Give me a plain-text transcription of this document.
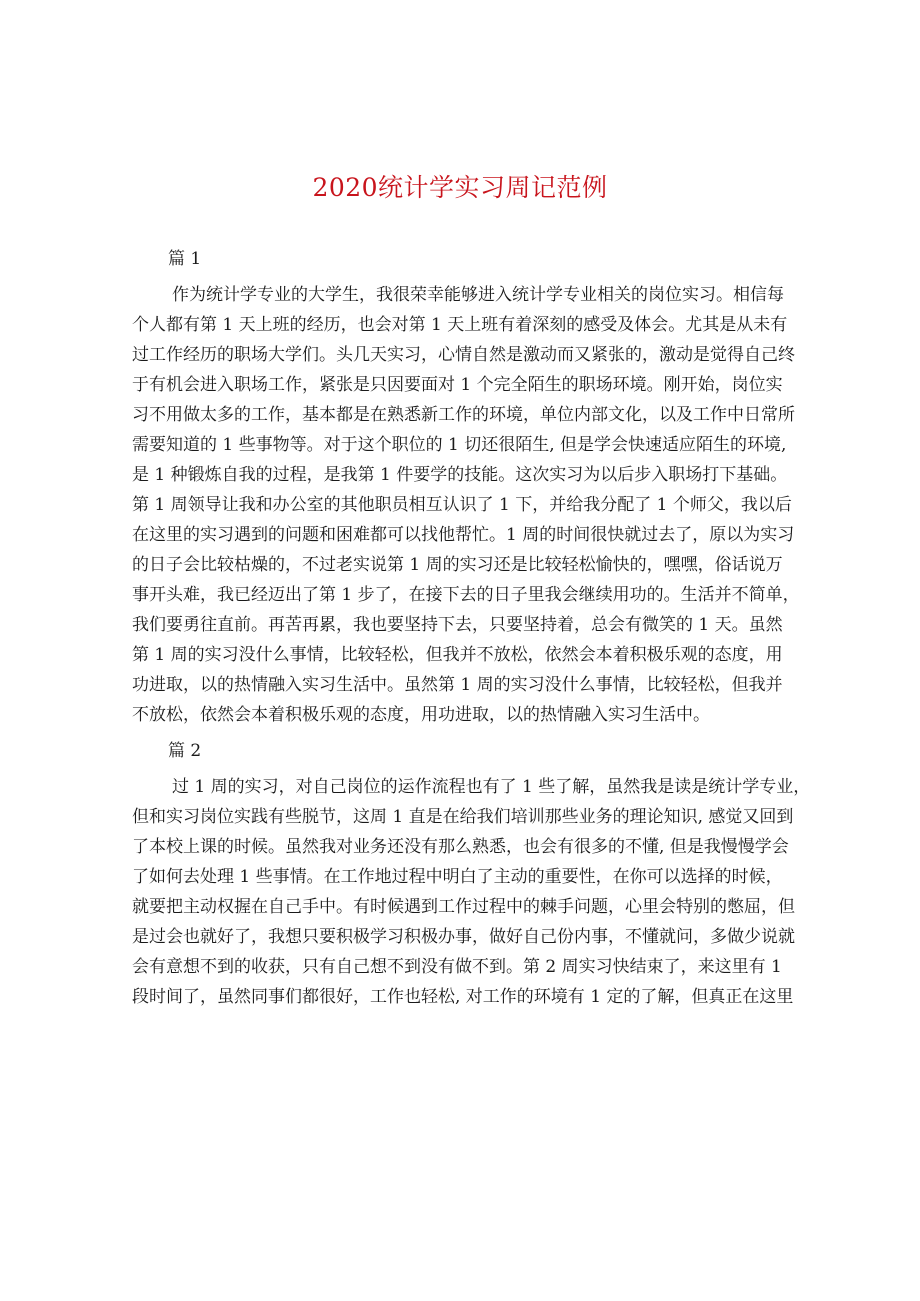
2020统计学实习周记范例
篇 1
作为统计学专业的大学生，我很荣幸能够进入统计学专业相关的岗位实习。相信每
个人都有第 1 天上班的经历，也会对第 1 天上班有着深刻的感受及体会。尤其是从未有
过工作经历的职场大学们。头几天实习，心情自然是激动而又紧张的，激动是觉得自己终
于有机会进入职场工作，紧张是只因要面对 1 个完全陌生的职场环境。刚开始，岗位实
习不用做太多的工作，基本都是在熟悉新工作的环境，单位内部文化，以及工作中日常所
需要知道的 1 些事物等。对于这个职位的 1 切还很陌生, 但是学会快速适应陌生的环境,
是 1 种锻炼自我的过程，是我第 1 件要学的技能。这次实习为以后步入职场打下基础。
第 1 周领导让我和办公室的其他职员相互认识了 1 下，并给我分配了 1 个师父，我以后
在这里的实习遇到的问题和困难都可以找他帮忙。1 周的时间很快就过去了，原以为实习
的日子会比较枯燥的，不过老实说第 1 周的实习还是比较轻松愉快的，嘿嘿，俗话说万
事开头难，我已经迈出了第 1 步了，在接下去的日子里我会继续用功的。生活并不简单，
我们要勇往直前。再苦再累，我也要坚持下去，只要坚持着，总会有微笑的 1 天。虽然
第 1 周的实习没什么事情，比较轻松，但我并不放松，依然会本着积极乐观的态度，用
功进取，以的热情融入实习生活中。虽然第 1 周的实习没什么事情，比较轻松，但我并
不放松，依然会本着积极乐观的态度，用功进取，以的热情融入实习生活中。
篇 2
过 1 周的实习，对自己岗位的运作流程也有了 1 些了解，虽然我是读是统计学专业，
但和实习岗位实践有些脱节，这周 1 直是在给我们培训那些业务的理论知识, 感觉又回到
了本校上课的时候。虽然我对业务还没有那么熟悉，也会有很多的不懂, 但是我慢慢学会
了如何去处理 1 些事情。在工作地过程中明白了主动的重要性，在你可以选择的时候，
就要把主动权握在自己手中。有时候遇到工作过程中的棘手问题，心里会特别的憋屈，但
是过会也就好了，我想只要积极学习积极办事，做好自己份内事，不懂就问，多做少说就
会有意想不到的收获，只有自己想不到没有做不到。第 2 周实习快结束了，来这里有 1
段时间了，虽然同事们都很好，工作也轻松, 对工作的环境有 1 定的了解，但真正在这里
